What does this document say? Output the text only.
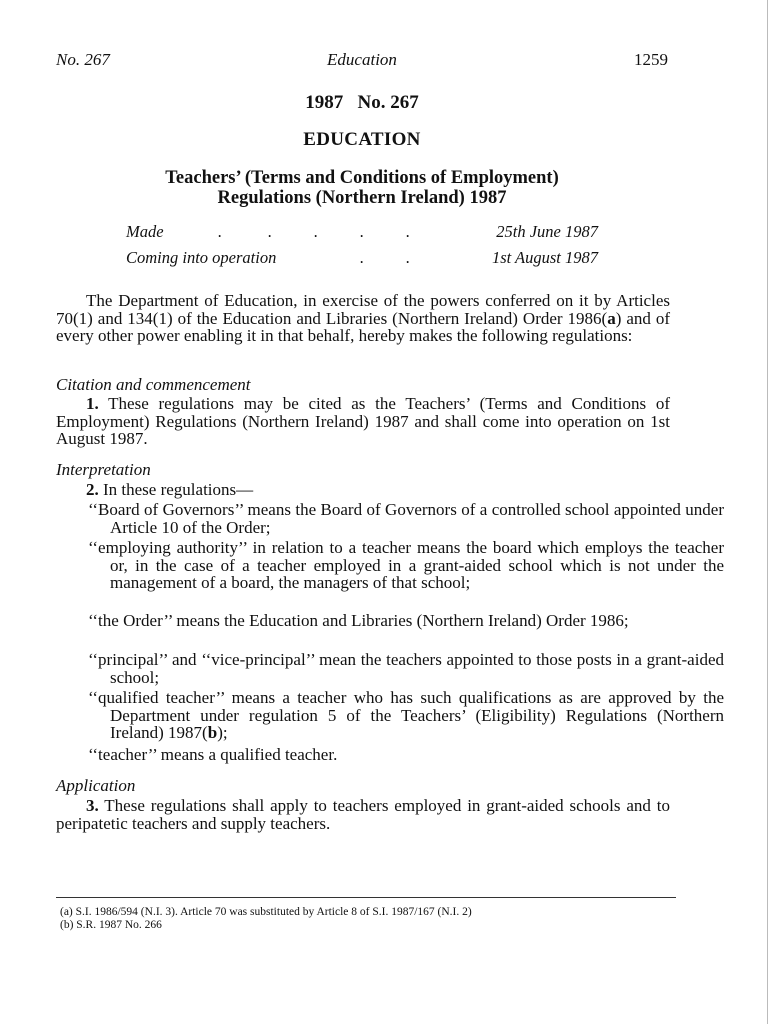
No. 267	Education	1259
1987   No. 267
EDUCATION
Teachers’ (Terms and Conditions of Employment)
Regulations (Northern Ireland) 1987
Made	.	.	.	.	.	25th June 1987
Coming into operation	.	.	1st August 1987
The Department of Education, in exercise of the powers conferred on it by Articles 70(1) and 134(1) of the Education and Libraries (Northern Ireland) Order 1986(a) and of every other power enabling it in that behalf, hereby makes the following regulations:
Citation and commencement
1. These regulations may be cited as the Teachers’ (Terms and Conditions of Employment) Regulations (Northern Ireland) 1987 and shall come into operation on 1st August 1987.
Interpretation
2. In these regulations—
‘‘Board of Governors’’ means the Board of Governors of a controlled school appointed under Article 10 of the Order;
‘‘employing authority’’ in relation to a teacher means the board which employs the teacher or, in the case of a teacher employed in a grant-aided school which is not under the management of a board, the managers of that school;
‘‘the Order’’ means the Education and Libraries (Northern Ireland) Order 1986;
‘‘principal’’ and ‘‘vice-principal’’ mean the teachers appointed to those posts in a grant-aided school;
‘‘qualified teacher’’ means a teacher who has such qualifications as are approved by the Department under regulation 5 of the Teachers’ (Eligibility) Regulations (Northern Ireland) 1987(b);
‘‘teacher’’ means a qualified teacher.
Application
3. These regulations shall apply to teachers employed in grant-aided schools and to peripatetic teachers and supply teachers.
(a) S.I. 1986/594 (N.I. 3). Article 70 was substituted by Article 8 of S.I. 1987/167 (N.I. 2)
(b) S.R. 1987 No. 266
